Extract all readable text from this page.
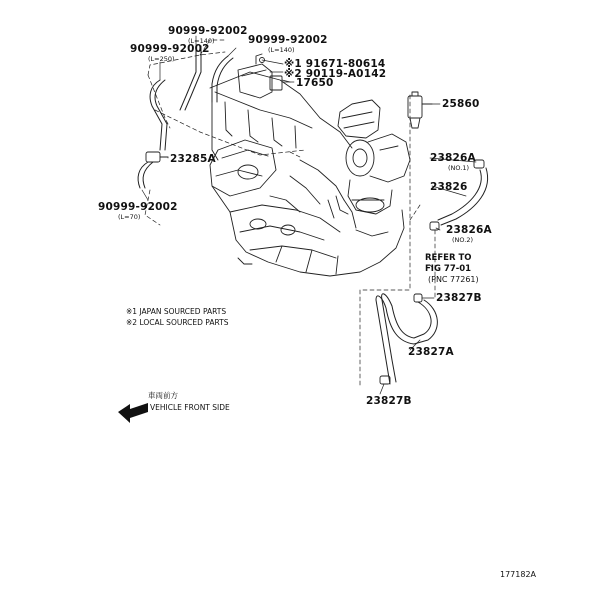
90999-92002
(L=140)
90999-92002
(L=250)
90999-92002
(L=140)
※1 91671-80614
※2 90119-A0142
17650
25860
23285A	23826A
(NO.1)
23826
23826A
(NO.2)
90999-92002
(L=70)
REFER TO
FIG 77-01
(PNC 77261)
23827B
23827A
23827B
※1 JAPAN SOURCED PARTS
※2 LOCAL SOURCED PARTS
車両前方
VEHICLE FRONT SIDE
177182A
